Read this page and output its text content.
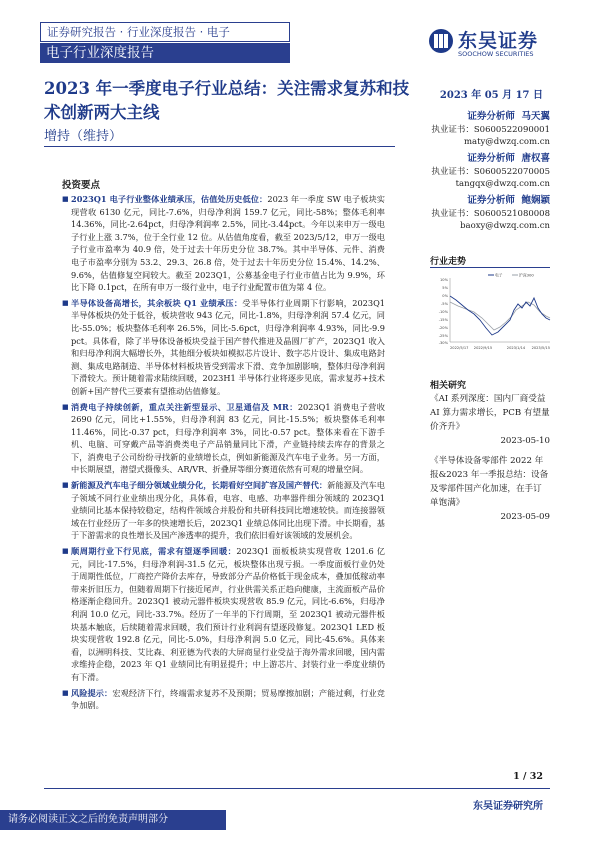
证券研究报告 · 行业深度报告 · 电子
电子行业深度报告
东吴证券
SOOCHOW SECURITIES
2023 年一季度电子行业总结：关注需求复苏和技术创新两大主线
增持（维持）
2023 年 05 月 17 日
证券分析师 马天翼
执业证书：S0600522090001
maty@dwzq.com.cn
证券分析师 唐权喜
执业证书：S0600522070005
tangqx@dwzq.com.cn
证券分析师 鲍娴颖
执业证书：S0600521080008
baoxy@dwzq.com.cn
投资要点
■ 2023Q1 电子行业整体业绩承压，估值处历史低位：2023 年一季度 SW 电子板块实现营收 6130 亿元，同比-7.6%，归母净利润 159.7 亿元，同比-58%；整体毛利率 14.36%，同比-2.64pct，归母净利润率 2.5%，同比-3.44pct。今年以来申万一级电子行业上涨 3.7%，位于全行业 12 位。从估值角度看，截至 2023/5/12，申万一级电子行业市盈率为 40.9 倍，处于过去十年历史分位 38.7%。其中半导体、元件、消费电子市盈率分别为 53.2、29.3、26.8 倍，处于过去十年历史分位 15.4%、14.2%、9.6%，估值修复空间较大。截至 2023Q1，公募基金电子行业市值占比为 9.9%，环比下降 0.1pct，在所有申万一级行业中，电子行业配置市值为第 4 位。
■ 半导体设备高增长，其余板块 Q1 业绩承压：受半导体行业周期下行影响，2023Q1 半导体板块仍处于低谷，板块营收 943 亿元，同比-1.8%，归母净利润 57.4 亿元，同比-55.0%；板块整体毛利率 26.5%，同比-5.6pct，归母净利润率 4.93%，同比-9.9 pct。具体看，除了半导体设备板块受益于国产替代推进及晶圆厂扩产，2023Q1 收入和归母净利润大幅增长外，其他细分板块如模拟芯片设计、数字芯片设计、集成电路封测、集成电路制造、半导体材料板块皆受到需求下滑、竞争加剧影响，整体归母净利润下滑较大。预计随着需求陆续回暖，2023H1 半导体行业将逐步见底，需求复苏+技术创新+国产替代三要素有望推动估值修复。
■ 消费电子持续创新，重点关注新型显示、卫星通信及 MR：2023Q1 消费电子营收 2690 亿元，同比+1.55%，归母净利润 83 亿元，同比-15.5%；板块整体毛利率 11.46%，同比-0.37 pct，归母净利润率 3%，同比-0.57 pct。整体来看在下游手机、电脑、可穿戴产品等消费类电子产品销量同比下滑，产业链持续去库存的背景之下，消费电子公司纷纷寻找新的业绩增长点，例如新能源及汽车电子业务。另一方面，中长期展望，潜望式摄像头、AR/VR、折叠屏等细分赛道依然有可观的增量空间。
■ 新能源及汽车电子细分领域业绩分化，长期看好空间扩容及国产替代：新能源及汽车电子领域不同行业业绩出现分化，具体看，电容、电感、功率器件细分领域的 2023Q1 业绩同比基本保持较稳定，结构件领域合并股份和共研科技同比增速较快。而连接器领域在行业经历了一年多的快速增长后，2023Q1 业绩总体同比出现下滑。中长期看，基于下游需求的良性增长及国产渗透率的提升，我们依旧看好该领域的发展机会。
■ 顺周期行业下行见底，需求有望逐季回暖：2023Q1 面板板块实现营收 1201.6 亿元，同比-17.5%，归母净利润-31.5 亿元，板块整体出现亏损。一季度面板行业仍处于周期性低位，厂商控产降价去库存，导致部分产品价格低于现金成本，叠加低稼动率带来折旧压力，但随着周期下行接近尾声，行业供需关系正趋向健康，主流面板产品价格逐渐企稳回升。2023Q1 被动元器件板块实现营收 85.9 亿元，同比-6.6%，归母净利润 10.0 亿元，同比-33.7%。经历了一年半的下行周期，至 2023Q1 被动元器件板块基本触底，后续随着需求回暖，我们预计行业利润有望逐段修复。2023Q1 LED 板块实现营收 192.8 亿元，同比-5.0%，归母净利润 5.0 亿元，同比-45.6%。具体来看，以洲明科技、艾比森、利亚德为代表的大屏商显行业受益于海外需求回暖，国内需求维持企稳，2023 年 Q1 业绩同比有明显提升；中上游芯片、封装行业一季度业绩仍有下滑。
■ 风险提示：宏观经济下行，终端需求复苏不及预期；贸易摩擦加剧；产能过剩，行业竞争加剧。
行业走势
10%
5%
0%
-5%
-10%
-15%
-20%
-25%
-30%
2022/5/17 2022/9/15	2023/1/14 2023/5/15
电子	沪深300
相关研究
《AI 系列深度：国内厂商受益AI 算力需求增长，PCB 有望量价齐升》
2023-05-10
《半导体设备零部件 2022 年报&2023 年一季报总结：设备及零部件国产化加速，在手订单饱满》
2023-05-09
1 / 32
东吴证券研究所
请务必阅读正文之后的免责声明部分
